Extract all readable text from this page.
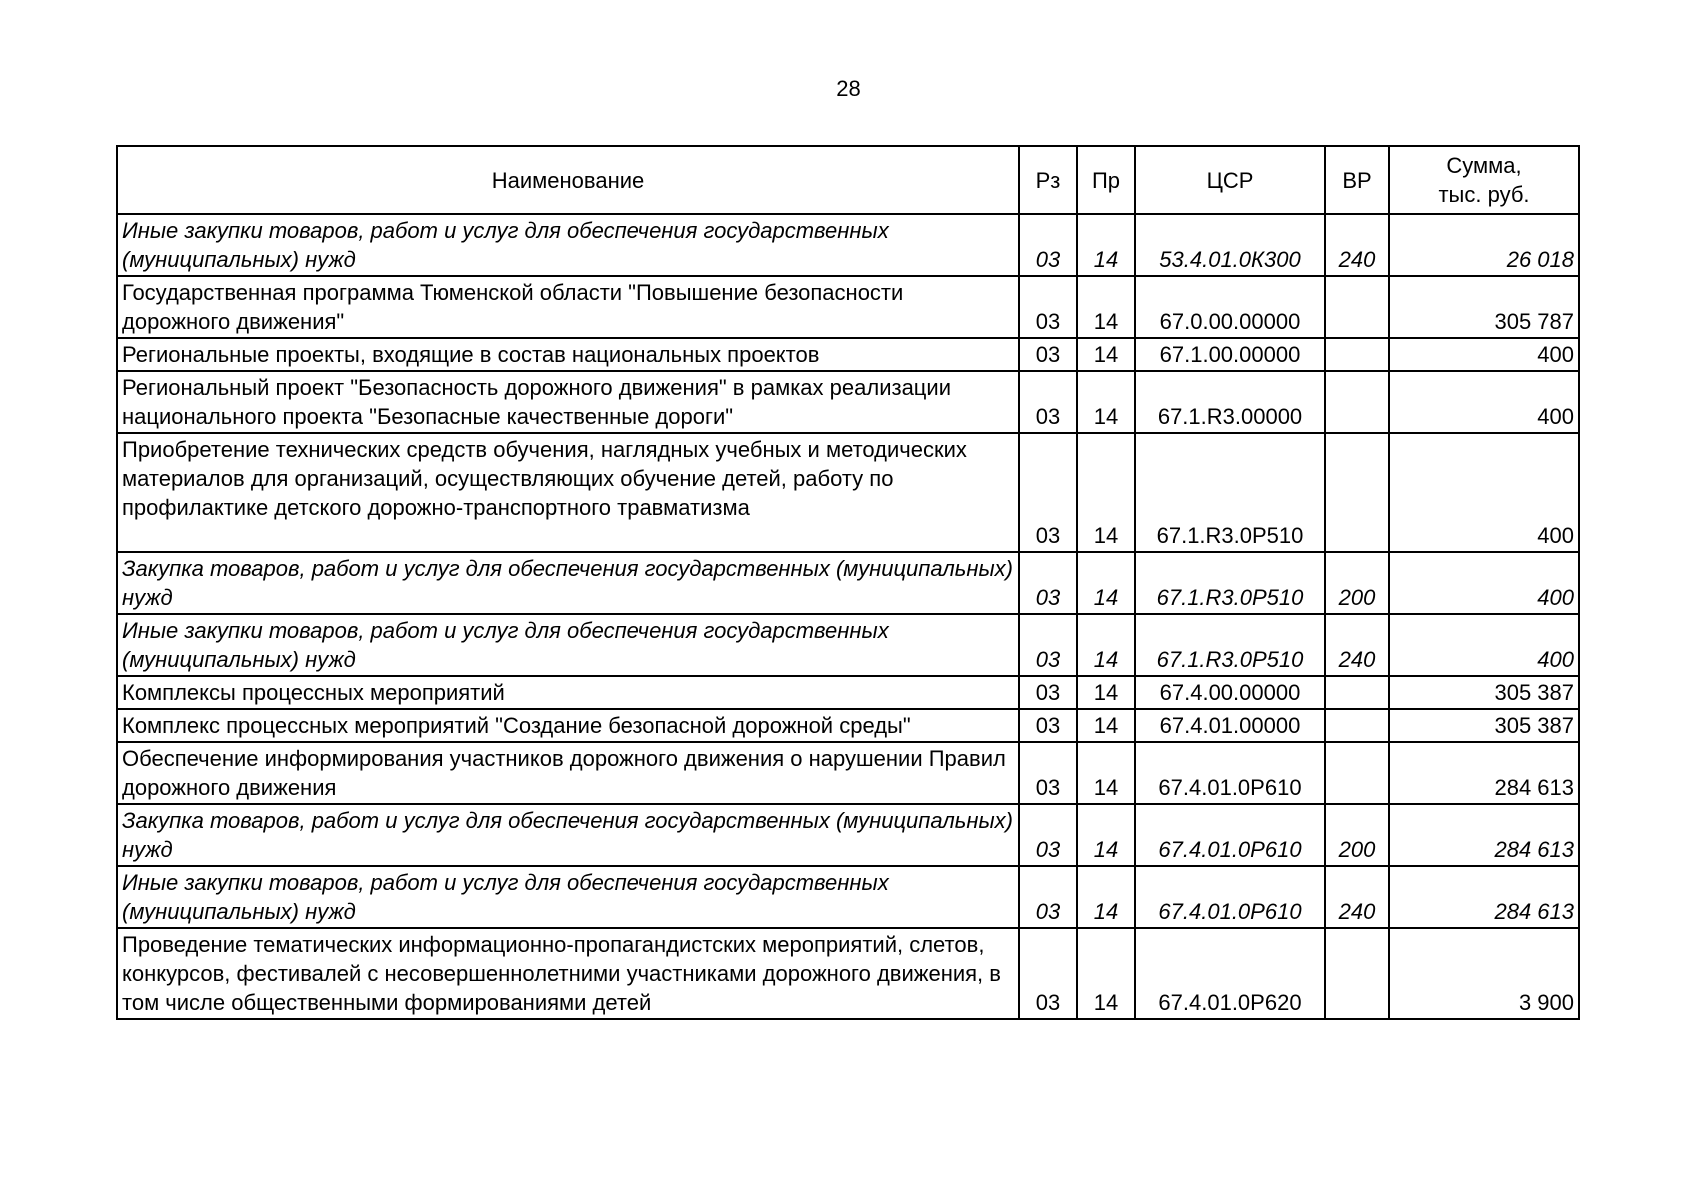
28
Наименование	Рз	Пр	ЦСР	ВР	Сумма,
тыс. руб.

Иные закупки товаров, работ и услуг для обеспечения государственных (муниципальных) нужд	03	14	53.4.01.0К300	240	26 018
Государственная программа Тюменской области "Повышение безопасности дорожного движения"	03	14	67.0.00.00000		305 787
Региональные проекты, входящие в состав национальных проектов	03	14	67.1.00.00000		400
Региональный проект "Безопасность дорожного движения" в рамках реализации национального проекта "Безопасные качественные дороги"	03	14	67.1.R3.00000		400
Приобретение технических средств обучения, наглядных учебных и методических материалов для организаций, осуществляющих обучение детей, работу по профилактике детского дорожно-транспортного травматизма	03	14	67.1.R3.0Р510		400
Закупка товаров, работ и услуг для обеспечения государственных (муниципальных) нужд	03	14	67.1.R3.0Р510	200	400
Иные закупки товаров, работ и услуг для обеспечения государственных (муниципальных) нужд	03	14	67.1.R3.0Р510	240	400
Комплексы процессных мероприятий	03	14	67.4.00.00000		305 387
Комплекс процессных мероприятий "Создание безопасной дорожной среды"	03	14	67.4.01.00000		305 387
Обеспечение информирования участников дорожного движения о нарушении Правил дорожного движения	03	14	67.4.01.0Р610		284 613
Закупка товаров, работ и услуг для обеспечения государственных (муниципальных) нужд	03	14	67.4.01.0Р610	200	284 613
Иные закупки товаров, работ и услуг для обеспечения государственных (муниципальных) нужд	03	14	67.4.01.0Р610	240	284 613
Проведение тематических информационно-пропагандистских мероприятий, слетов, конкурсов, фестивалей с несовершеннолетними участниками дорожного движения, в том числе общественными формированиями детей	03	14	67.4.01.0Р620		3 900
